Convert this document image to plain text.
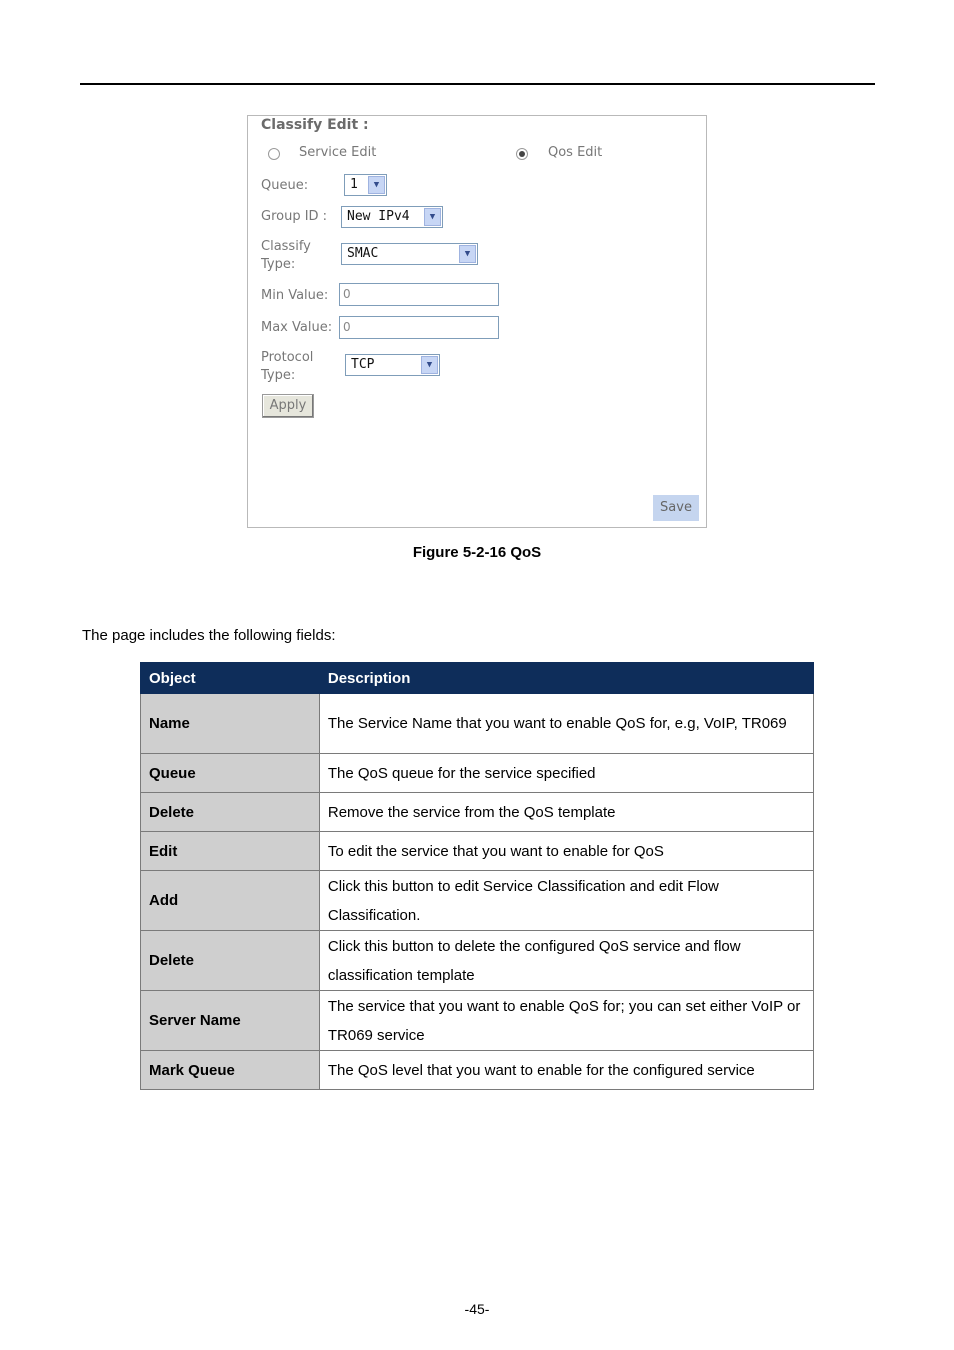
Classify Edit :
Service Edit	Qos Edit
Queue:	1	▼
Group ID : New IPv4	▼
Classify
Type:
SMAC	▼
Min Value: 0
Max Value: 0
Protocol
Type:
TCP	▼
Apply
Save
Figure 5-2-16 QoS
The page includes the following fields:
Object	Description
Name	The Service Name that you want to enable QoS for, e.g, VoIP, TR069
Queue	The QoS queue for the service specified
Delete	Remove the service from the QoS template
Edit	To edit the service that you want to enable for QoS
Add	Click this button to edit Service Classification and edit Flow Classification.
Delete	Click this button to delete the configured QoS service and flow classification template
Server Name	The service that you want to enable QoS for; you can set either VoIP or TR069 service
Mark Queue	The QoS level that you want to enable for the configured service
-45-
